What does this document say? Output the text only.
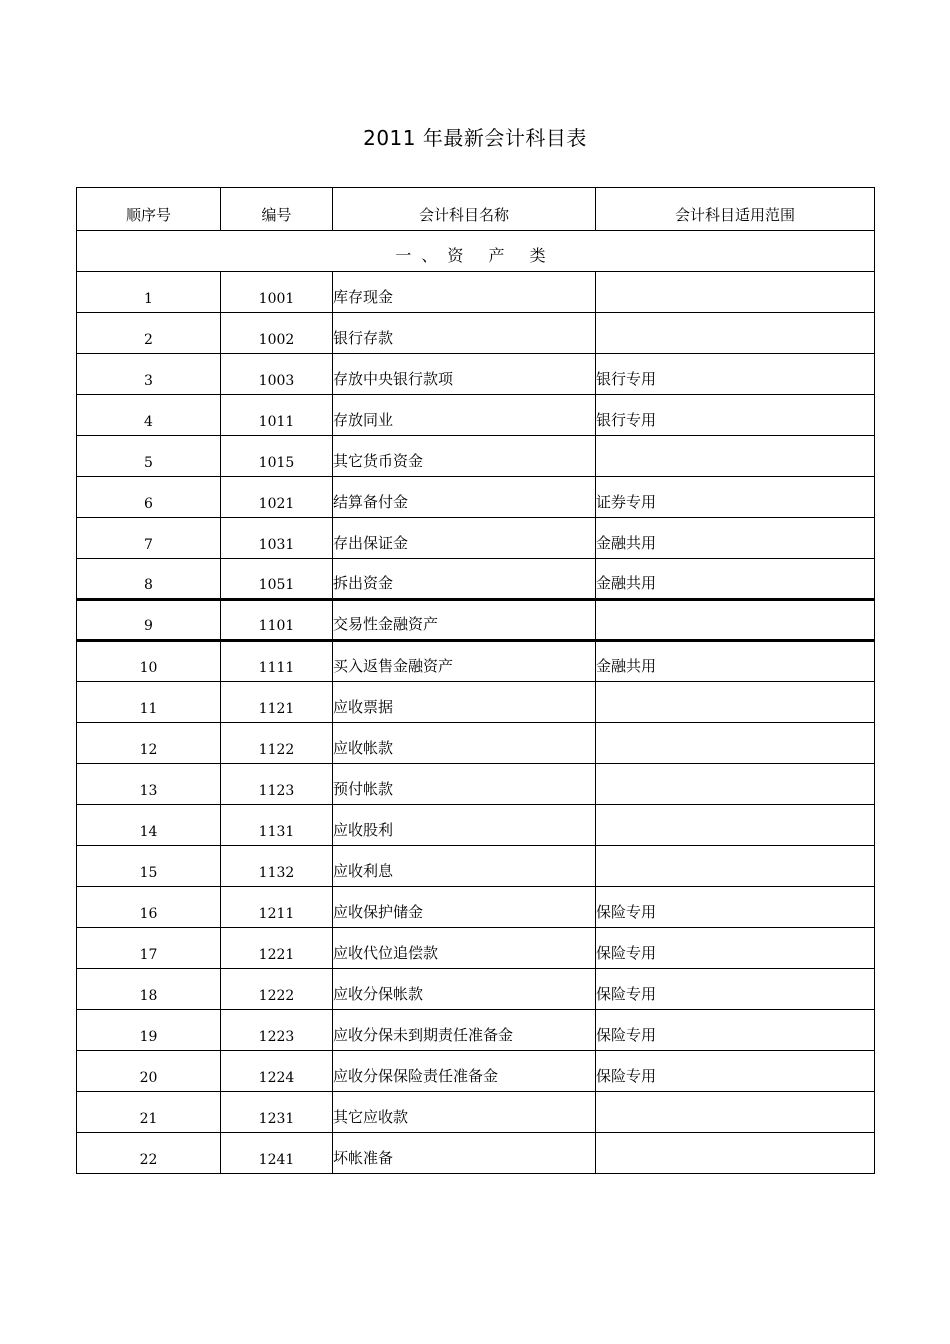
2011 年最新会计科目表
顺序号	编号	会计科目名称	会计科目适用范围
一、资 产 类			
1	1001	库存现金	
2	1002	银行存款	
3	1003	存放中央银行款项	银行专用
4	1011	存放同业	银行专用
5	1015	其它货币资金	
6	1021	结算备付金	证券专用
7	1031	存出保证金	金融共用
8	1051	拆出资金	金融共用
9	1101	交易性金融资产	
10	1111	买入返售金融资产	金融共用
11	1121	应收票据	
12	1122	应收帐款	
13	1123	预付帐款	
14	1131	应收股利	
15	1132	应收利息	
16	1211	应收保护储金	保险专用
17	1221	应收代位追偿款	保险专用
18	1222	应收分保帐款	保险专用
19	1223	应收分保未到期责任准备金	保险专用
20	1224	应收分保保险责任准备金	保险专用
21	1231	其它应收款	
22	1241	坏帐准备	
